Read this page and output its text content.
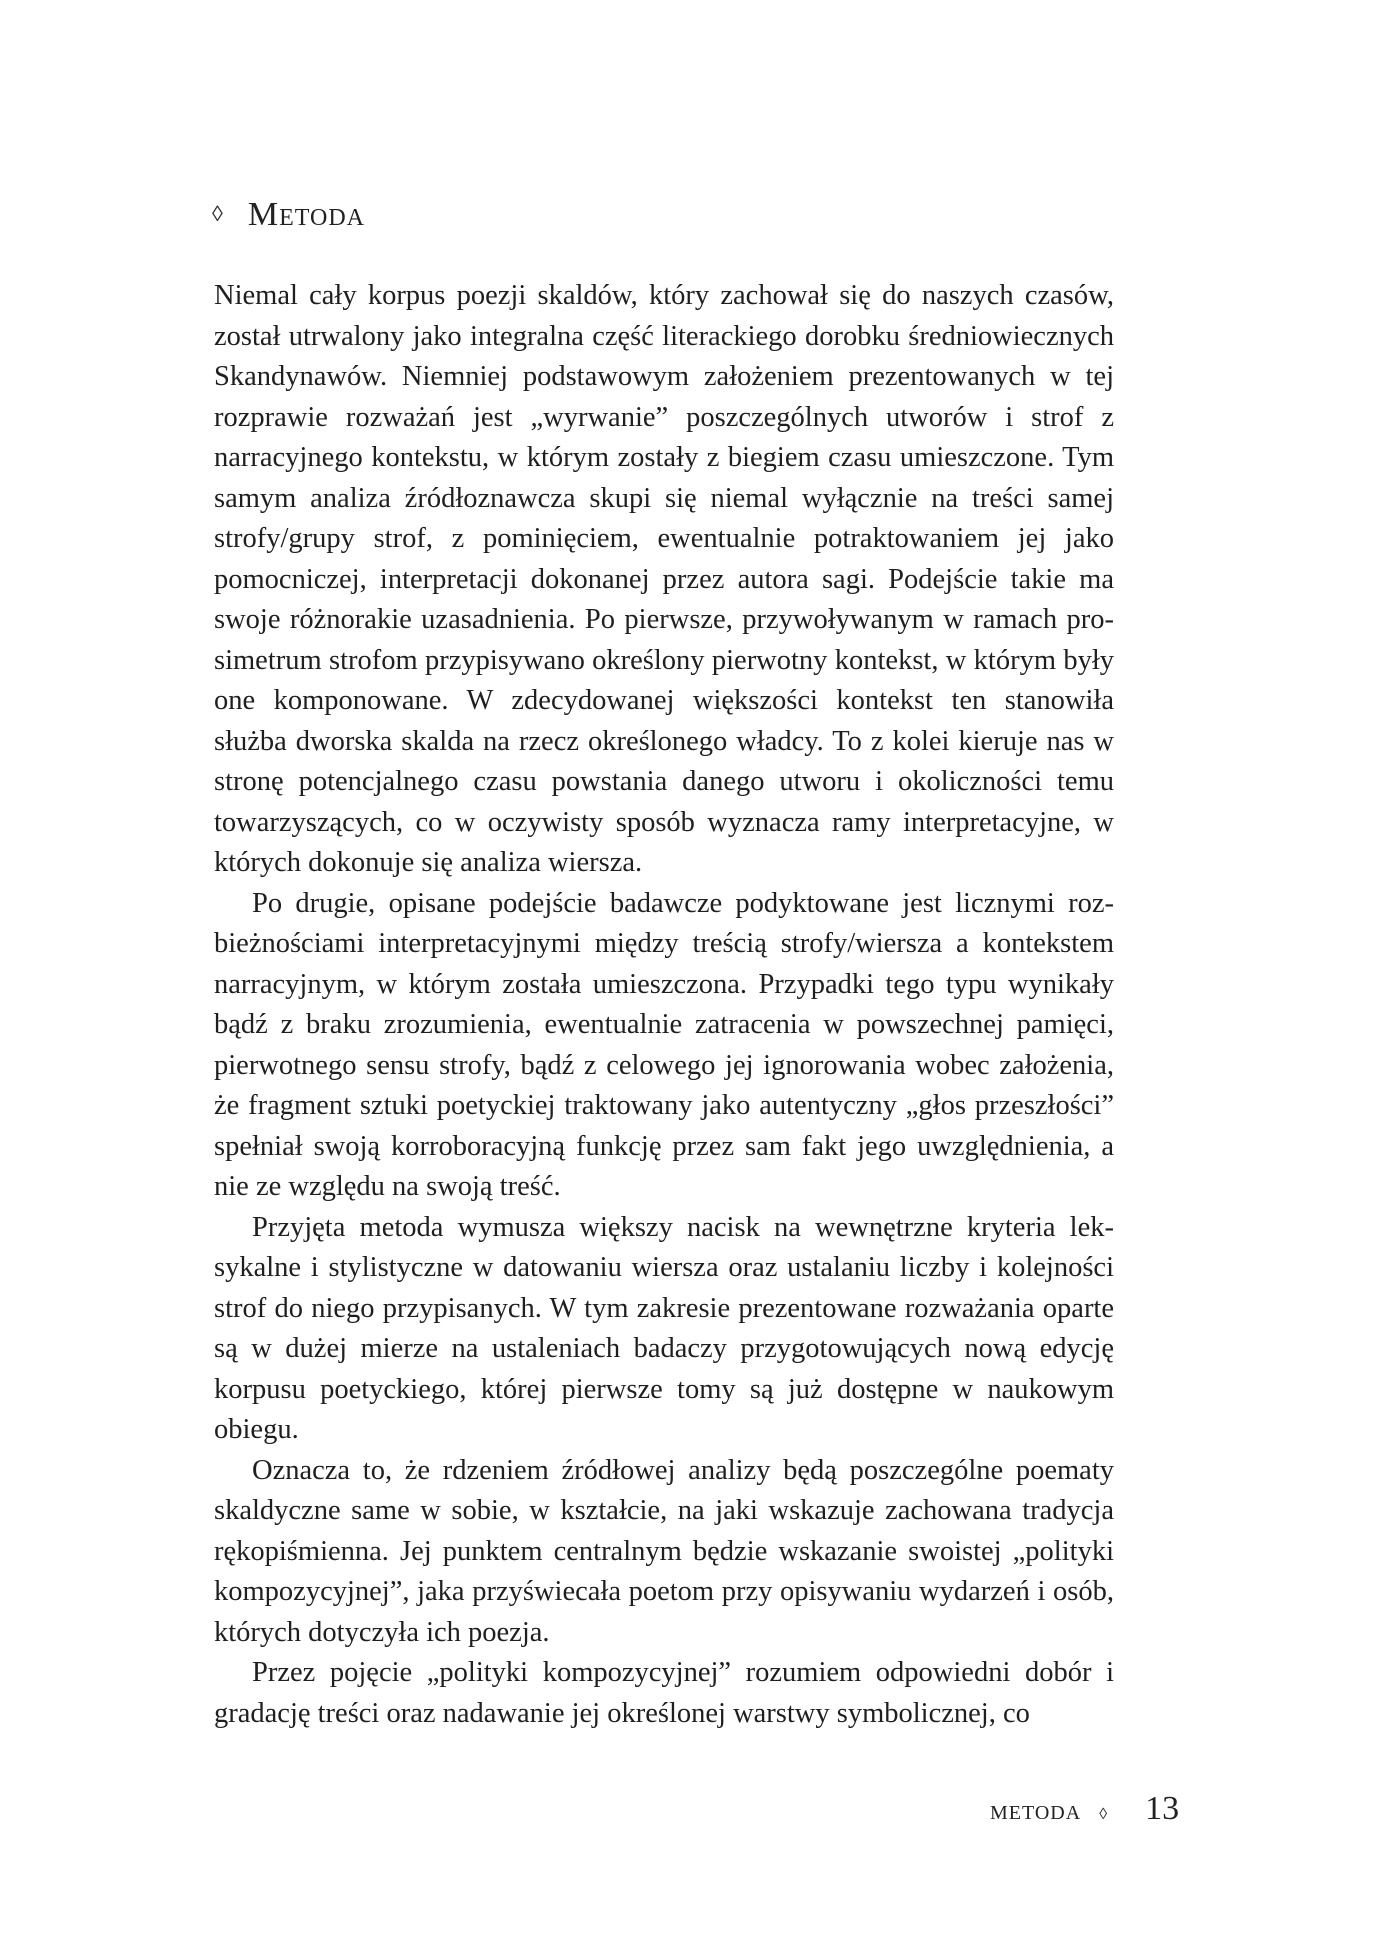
◊ Metoda

Niemal cały korpus poezji skaldów, który zachował się do naszych czasów, został utrwalony jako integralna część literackiego dorobku średniowiecznych Skandynawów. Niemniej podstawowym założeniem prezentowanych w tej rozprawie rozważań jest „wyrwanie” poszczególnych utworów i strof z narracyjnego kontekstu, w którym zostały z biegiem czasu umieszczone. Tym samym analiza źródłoznawcza skupi się niemal wyłącznie na treści samej strofy/grupy strof, z pominięciem, ewentualnie potraktowaniem jej jako pomocniczej, interpretacji dokonanej przez autora sagi. Podejście takie ma swoje różnorakie uzasadnienia. Po pierwsze, przywoływanym w ramach prosimetrum strofom przypisywano określony pierwotny kontekst, w którym były one komponowane. W zdecydowanej większości kontekst ten stanowiła służba dworska skalda na rzecz określonego władcy. To z kolei kieruje nas w stronę potencjalnego czasu powstania danego utworu i okoliczności temu towarzyszących, co w oczywisty sposób wyznacza ramy interpretacyjne, w których dokonuje się analiza wiersza.

Po drugie, opisane podejście badawcze podyktowane jest licznymi rozbieżnościami interpretacyjnymi między treścią strofy/wiersza a kontekstem narracyjnym, w którym została umieszczona. Przypadki tego typu wynikały bądź z braku zrozumienia, ewentualnie zatracenia w powszechnej pamięci, pierwotnego sensu strofy, bądź z celowego jej ignorowania wobec założenia, że fragment sztuki poetyckiej traktowany jako autentyczny „głos przeszłości” spełniał swoją korroboracyjną funkcję przez sam fakt jego uwzględnienia, a nie ze względu na swoją treść.

Przyjęta metoda wymusza większy nacisk na wewnętrzne kryteria leksykalne i stylistyczne w datowaniu wiersza oraz ustalaniu liczby i kolejności strof do niego przypisanych. W tym zakresie prezentowane rozważania oparte są w dużej mierze na ustaleniach badaczy przygotowujących nową edycję korpusu poetyckiego, której pierwsze tomy są już dostępne w naukowym obiegu.

Oznacza to, że rdzeniem źródłowej analizy będą poszczególne poematy skaldyczne same w sobie, w kształcie, na jaki wskazuje zachowana tradycja rękopiśmienna. Jej punktem centralnym będzie wskazanie swoistej „polityki kompozycyjnej”, jaka przyświecała poetom przy opisywaniu wydarzeń i osób, których dotyczyła ich poezja.

Przez pojęcie „polityki kompozycyjnej” rozumiem odpowiedni dobór i gradację treści oraz nadawanie jej określonej warstwy symbolicznej, co

METODA ◊ 13
